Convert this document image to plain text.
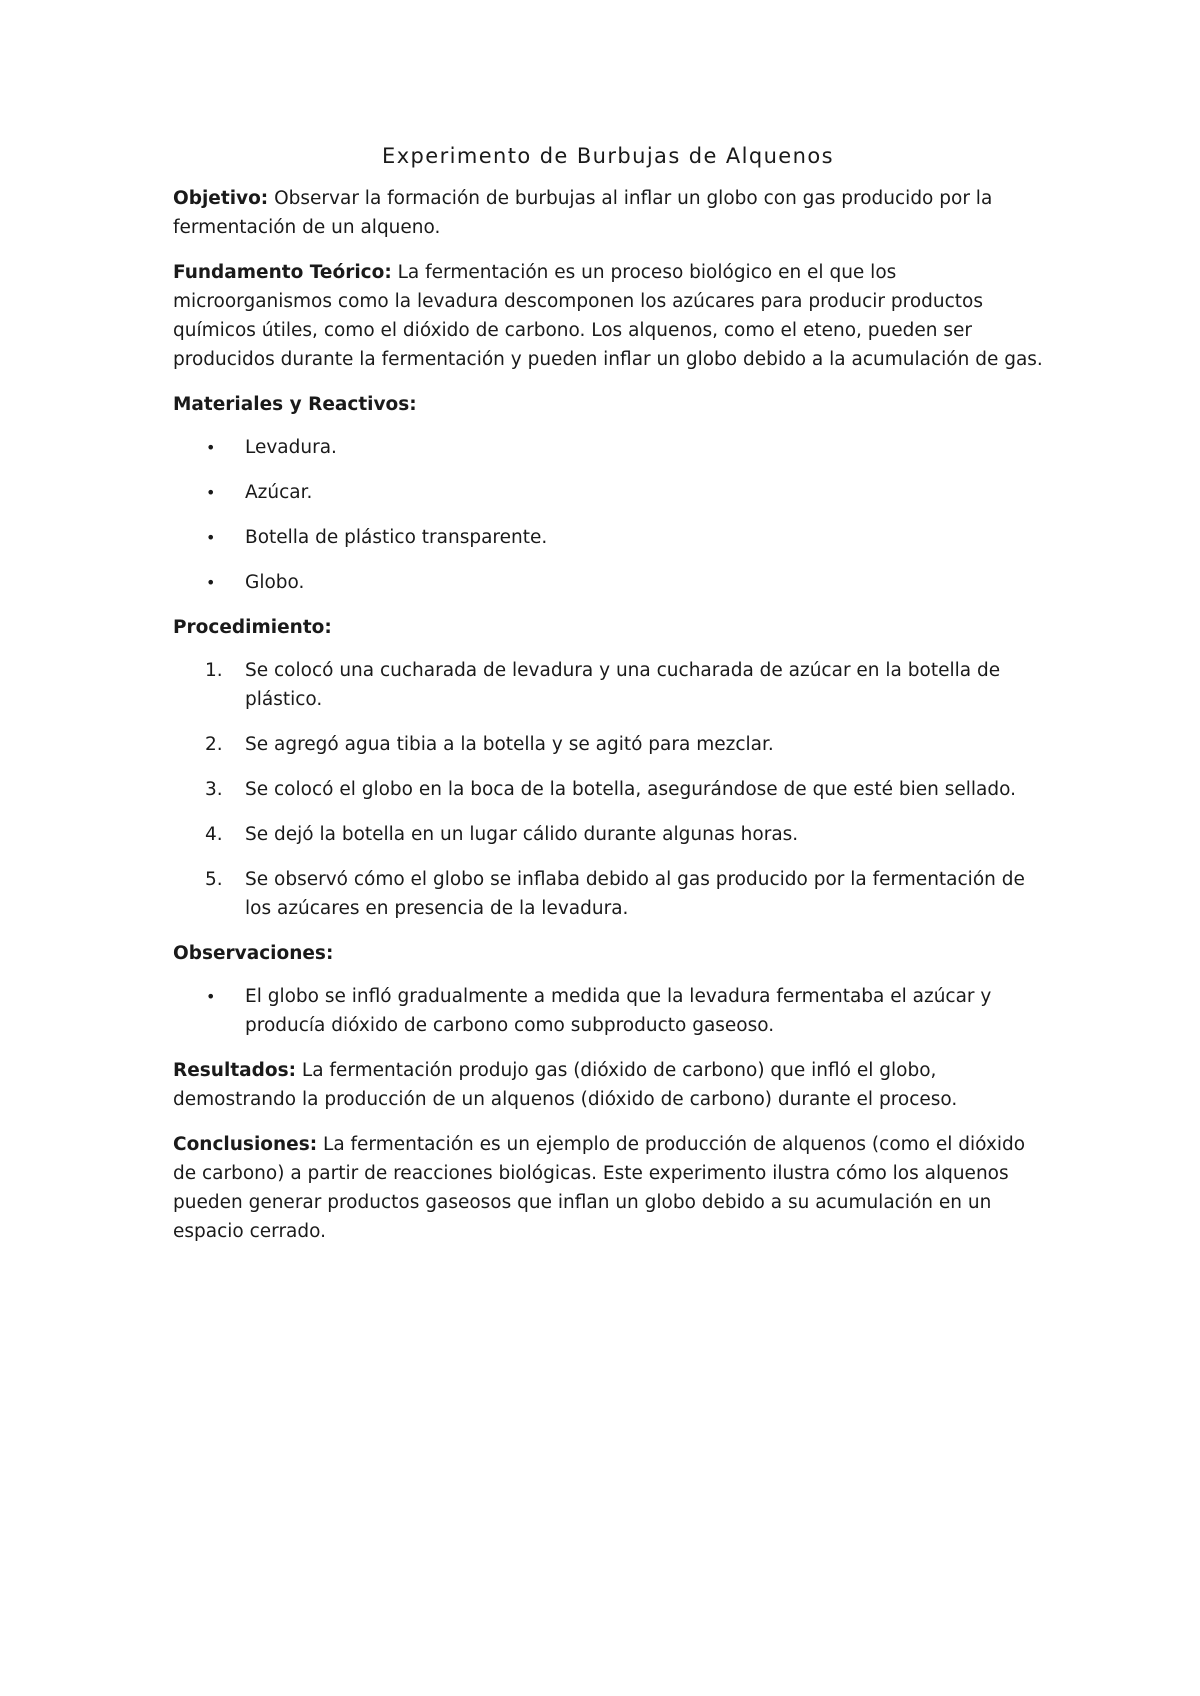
Experimento de Burbujas de Alquenos

Objetivo: Observar la formación de burbujas al inflar un globo con gas producido por la fermentación de un alqueno.

Fundamento Teórico: La fermentación es un proceso biológico en el que los microorganismos como la levadura descomponen los azúcares para producir productos químicos útiles, como el dióxido de carbono. Los alquenos, como el eteno, pueden ser producidos durante la fermentación y pueden inflar un globo debido a la acumulación de gas.

Materiales y Reactivos:
• Levadura.
• Azúcar.
• Botella de plástico transparente.
• Globo.
Procedimiento:
1. Se colocó una cucharada de levadura y una cucharada de azúcar en la botella de plástico.
2. Se agregó agua tibia a la botella y se agitó para mezclar.
3. Se colocó el globo en la boca de la botella, asegurándose de que esté bien sellado.
4. Se dejó la botella en un lugar cálido durante algunas horas.
5. Se observó cómo el globo se inflaba debido al gas producido por la fermentación de los azúcares en presencia de la levadura.
Observaciones:
• El globo se infló gradualmente a medida que la levadura fermentaba el azúcar y producía dióxido de carbono como subproducto gaseoso.

Resultados: La fermentación produjo gas (dióxido de carbono) que infló el globo, demostrando la producción de un alquenos (dióxido de carbono) durante el proceso.

Conclusiones: La fermentación es un ejemplo de producción de alquenos (como el dióxido de carbono) a partir de reacciones biológicas. Este experimento ilustra cómo los alquenos pueden generar productos gaseosos que inflan un globo debido a su acumulación en un espacio cerrado.
